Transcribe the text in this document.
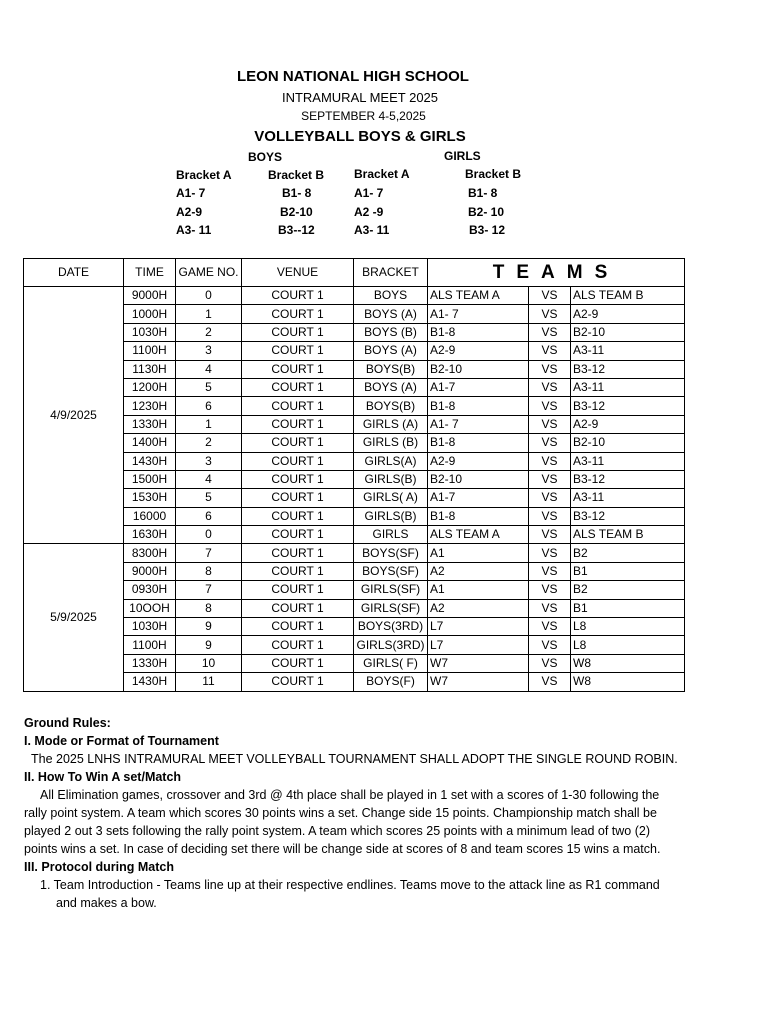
LEON NATIONAL HIGH SCHOOL
INTRAMURAL MEET 2025
SEPTEMBER 4-5,2025
VOLLEYBALL BOYS & GIRLS
BOYS	GIRLS
Bracket A
A1- 7
A2-9
A3- 11
Bracket B
B1- 8
B2-10
B3--12
Bracket A
A1- 7
A2 -9
A3- 11
Bracket B
B1- 8
B2- 10
B3- 12
DATE	TIME	GAME NO.	VENUE	BRACKET	TEAMS		
4/9/2025	9000H	0	COURT 1	BOYS	ALS TEAM A	VS	ALS TEAM B
	1000H	1	COURT 1	BOYS (A)	A1- 7	VS	A2-9
	1030H	2	COURT 1	BOYS (B)	B1-8	VS	B2-10
	1100H	3	COURT 1	BOYS (A)	A2-9	VS	A3-11
	1130H	4	COURT 1	BOYS(B)	B2-10	VS	B3-12
	1200H	5	COURT 1	BOYS (A)	A1-7	VS	A3-11
	1230H	6	COURT 1	BOYS(B)	B1-8	VS	B3-12
	1330H	1	COURT 1	GIRLS (A)	A1- 7	VS	A2-9
	1400H	2	COURT 1	GIRLS (B)	B1-8	VS	B2-10
	1430H	3	COURT 1	GIRLS(A)	A2-9	VS	A3-11
	1500H	4	COURT 1	GIRLS(B)	B2-10	VS	B3-12
	1530H	5	COURT 1	GIRLS( A)	A1-7	VS	A3-11
	16000	6	COURT 1	GIRLS(B)	B1-8	VS	B3-12
	1630H	0	COURT 1	GIRLS	ALS TEAM A	VS	ALS TEAM B
5/9/2025	8300H	7	COURT 1	BOYS(SF)	A1	VS	B2
	9000H	8	COURT 1	BOYS(SF)	A2	VS	B1
	0930H	7	COURT 1	GIRLS(SF)	A1	VS	B2
	10OOH	8	COURT 1	GIRLS(SF)	A2	VS	B1
	1030H	9	COURT 1	BOYS(3RD)	L7	VS	L8
	1100H	9	COURT 1	GIRLS(3RD)	L7	VS	L8
	1330H	10	COURT 1	GIRLS( F)	W7	VS	W8
	1430H	11	COURT 1	BOYS(F)	W7	VS	W8

Ground Rules:

I. Mode or Format of Tournament

The 2025 LNHS INTRAMURAL MEET VOLLEYBALL TOURNAMENT SHALL ADOPT THE SINGLE ROUND ROBIN.

II. How To Win A set/Match

All Elimination games, crossover and 3rd @ 4th place shall be played in 1 set with a scores of 1-30 following the rally point system. A team which scores 30 points wins a set. Change side 15 points. Championship match shall be played 2 out 3 sets following the rally point system. A team which scores 25 points with a minimum lead of two (2) points wins a set. In case of deciding set there will be change side at scores of 8 and team scores 15 wins a match.

III. Protocol during Match

1. Team Introduction - Teams line up at their respective endlines. Teams move to the attack line as R1 command and makes a bow.
